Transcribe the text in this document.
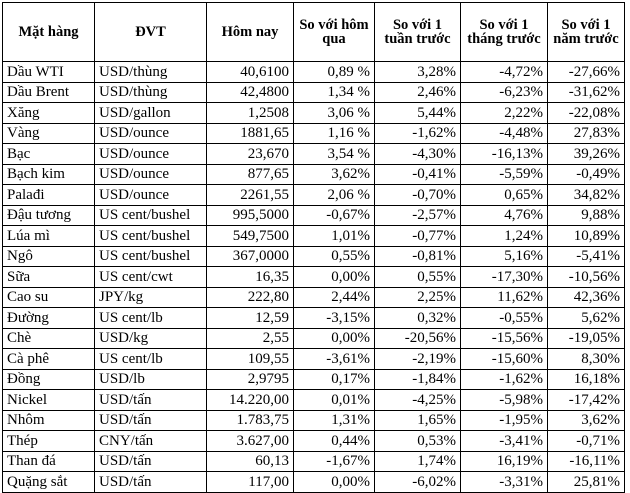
Mặt hàng	ĐVT	Hôm nay	So với hôm qua	So với 1 tuần trước	So với 1 tháng trước	So với 1 năm trước
Dầu WTI	USD/thùng	40,6100	0,89 %	3,28%	-4,72%	-27,66%
Dầu Brent	USD/thùng	42,4800	1,34 %	2,46%	-6,23%	-31,62%
Xăng	USD/gallon	1,2508	3,06 %	5,44%	2,22%	-22,08%
Vàng	USD/ounce	1881,65	1,16 %	-1,62%	-4,48%	27,83%
Bạc	USD/ounce	23,670	3,54 %	-4,30%	-16,13%	39,26%
Bạch kim	USD/ounce	877,65	3,62%	-0,41%	-5,59%	-0,49%
Palađi	USD/ounce	2261,55	2,06 %	-0,70%	0,65%	34,82%
Đậu tương	US cent/bushel	995,5000	-0,67%	-2,57%	4,76%	9,88%
Lúa mì	US cent/bushel	549,7500	1,01%	-0,77%	1,24%	10,89%
Ngô	US cent/bushel	367,0000	0,55%	-0,81%	5,16%	-5,41%
Sữa	US cent/cwt	16,35	0,00%	0,55%	-17,30%	-10,56%
Cao su	JPY/kg	222,80	2,44%	2,25%	11,62%	42,36%
Đường	US cent/lb	12,59	-3,15%	0,32%	-0,55%	5,62%
Chè	USD/kg	2,55	0,00%	-20,56%	-15,56%	-19,05%
Cà phê	US cent/lb	109,55	-3,61%	-2,19%	-15,60%	8,30%
Đồng	USD/lb	2,9795	0,17%	-1,84%	-1,62%	16,18%
Nickel	USD/tấn	14.220,00	0,01%	-4,25%	-5,98%	-17,42%
Nhôm	USD/tấn	1.783,75	1,31%	1,65%	-1,95%	3,62%
Thép	CNY/tấn	3.627,00	0,44%	0,53%	-3,41%	-0,71%
Than đá	USD/tấn	60,13	-1,67%	1,74%	16,19%	-16,11%
Quặng sắt	USD/tấn	117,00	0,00%	-6,02%	-3,31%	25,81%
